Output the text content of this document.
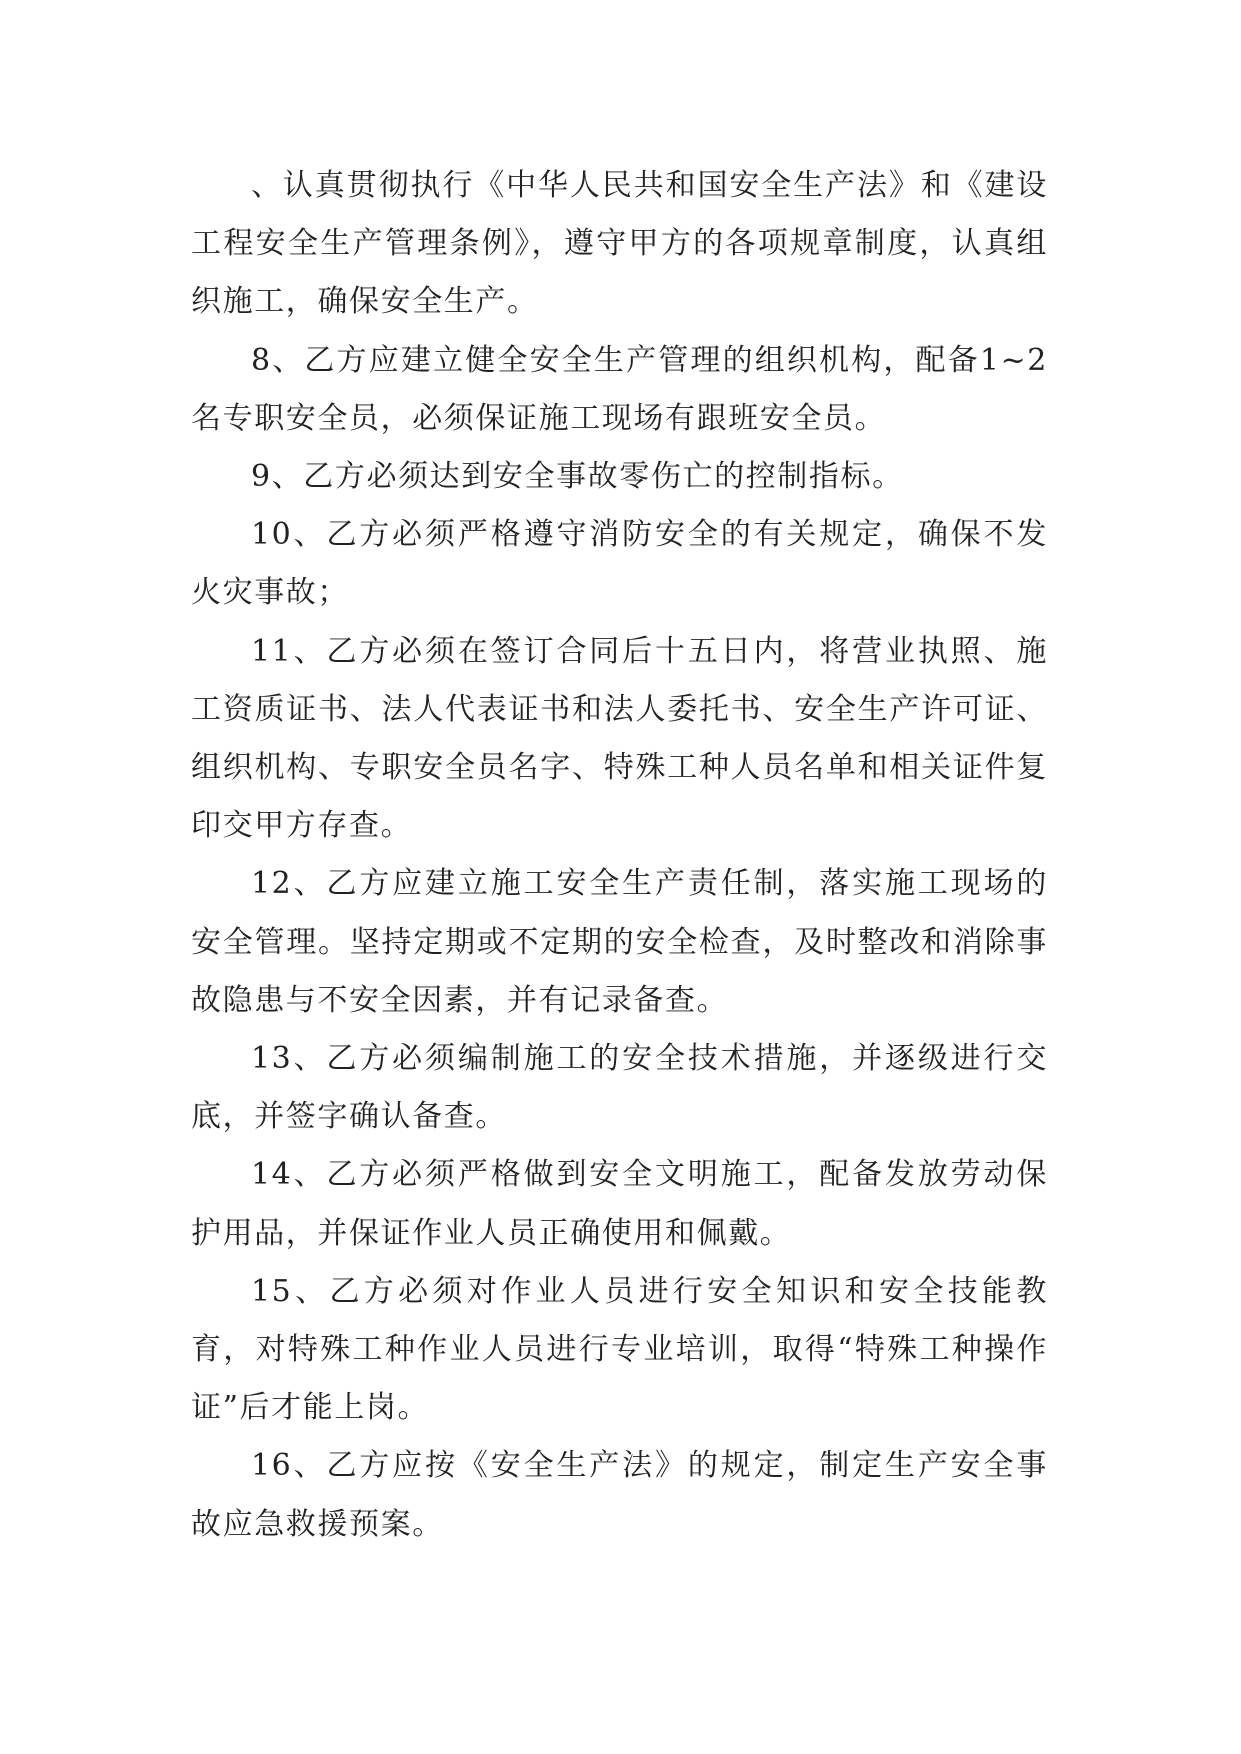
、认真贯彻执行《中华人民共和国安全生产法》和《建设工程安全生产管理条例》，遵守甲方的各项规章制度，认真组织施工，确保安全生产。

8、乙方应建立健全安全生产管理的组织机构，配备1~2名专职安全员，必须保证施工现场有跟班安全员。

9、乙方必须达到安全事故零伤亡的控制指标。

10、乙方必须严格遵守消防安全的有关规定，确保不发火灾事故；

11、乙方必须在签订合同后十五日内，将营业执照、施工资质证书、法人代表证书和法人委托书、安全生产许可证、组织机构、专职安全员名字、特殊工种人员名单和相关证件复印交甲方存查。

12、乙方应建立施工安全生产责任制，落实施工现场的安全管理。坚持定期或不定期的安全检查，及时整改和消除事故隐患与不安全因素，并有记录备查。

13、乙方必须编制施工的安全技术措施，并逐级进行交底，并签字确认备查。

14、乙方必须严格做到安全文明施工，配备发放劳动保护用品，并保证作业人员正确使用和佩戴。

15、乙方必须对作业人员进行安全知识和安全技能教育，对特殊工种作业人员进行专业培训，取得“特殊工种操作证”后才能上岗。

16、乙方应按《安全生产法》的规定，制定生产安全事故应急救援预案。
